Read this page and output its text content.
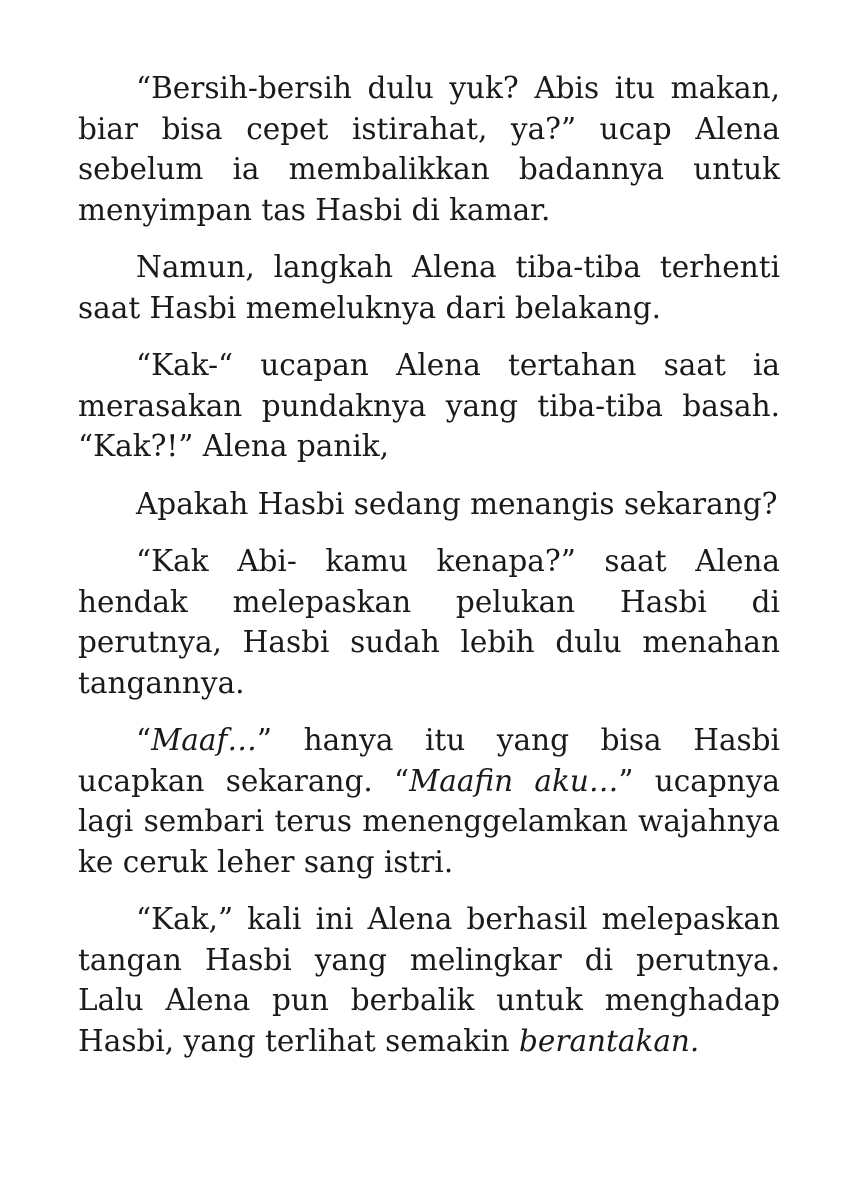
“Bersih-bersih dulu yuk? Abis itu makan, biar bisa cepet istirahat, ya?” ucap Alena sebelum ia membalikkan badannya untuk menyimpan tas Hasbi di kamar.

Namun, langkah Alena tiba-tiba terhenti saat Hasbi memeluknya dari belakang.

“Kak-“ ucapan Alena tertahan saat ia merasakan pundaknya yang tiba-tiba basah. “Kak?!” Alena panik,

Apakah Hasbi sedang menangis sekarang?

“Kak Abi- kamu kenapa?” saat Alena hendak melepaskan pelukan Hasbi di perutnya, Hasbi sudah lebih dulu menahan tangannya.

“Maaf…” hanya itu yang bisa Hasbi ucapkan sekarang. “Maafin aku…” ucapnya lagi sembari terus menenggelamkan wajahnya ke ceruk leher sang istri.

“Kak,” kali ini Alena berhasil melepaskan tangan Hasbi yang melingkar di perutnya. Lalu Alena pun berbalik untuk menghadap Hasbi, yang terlihat semakin berantakan.
